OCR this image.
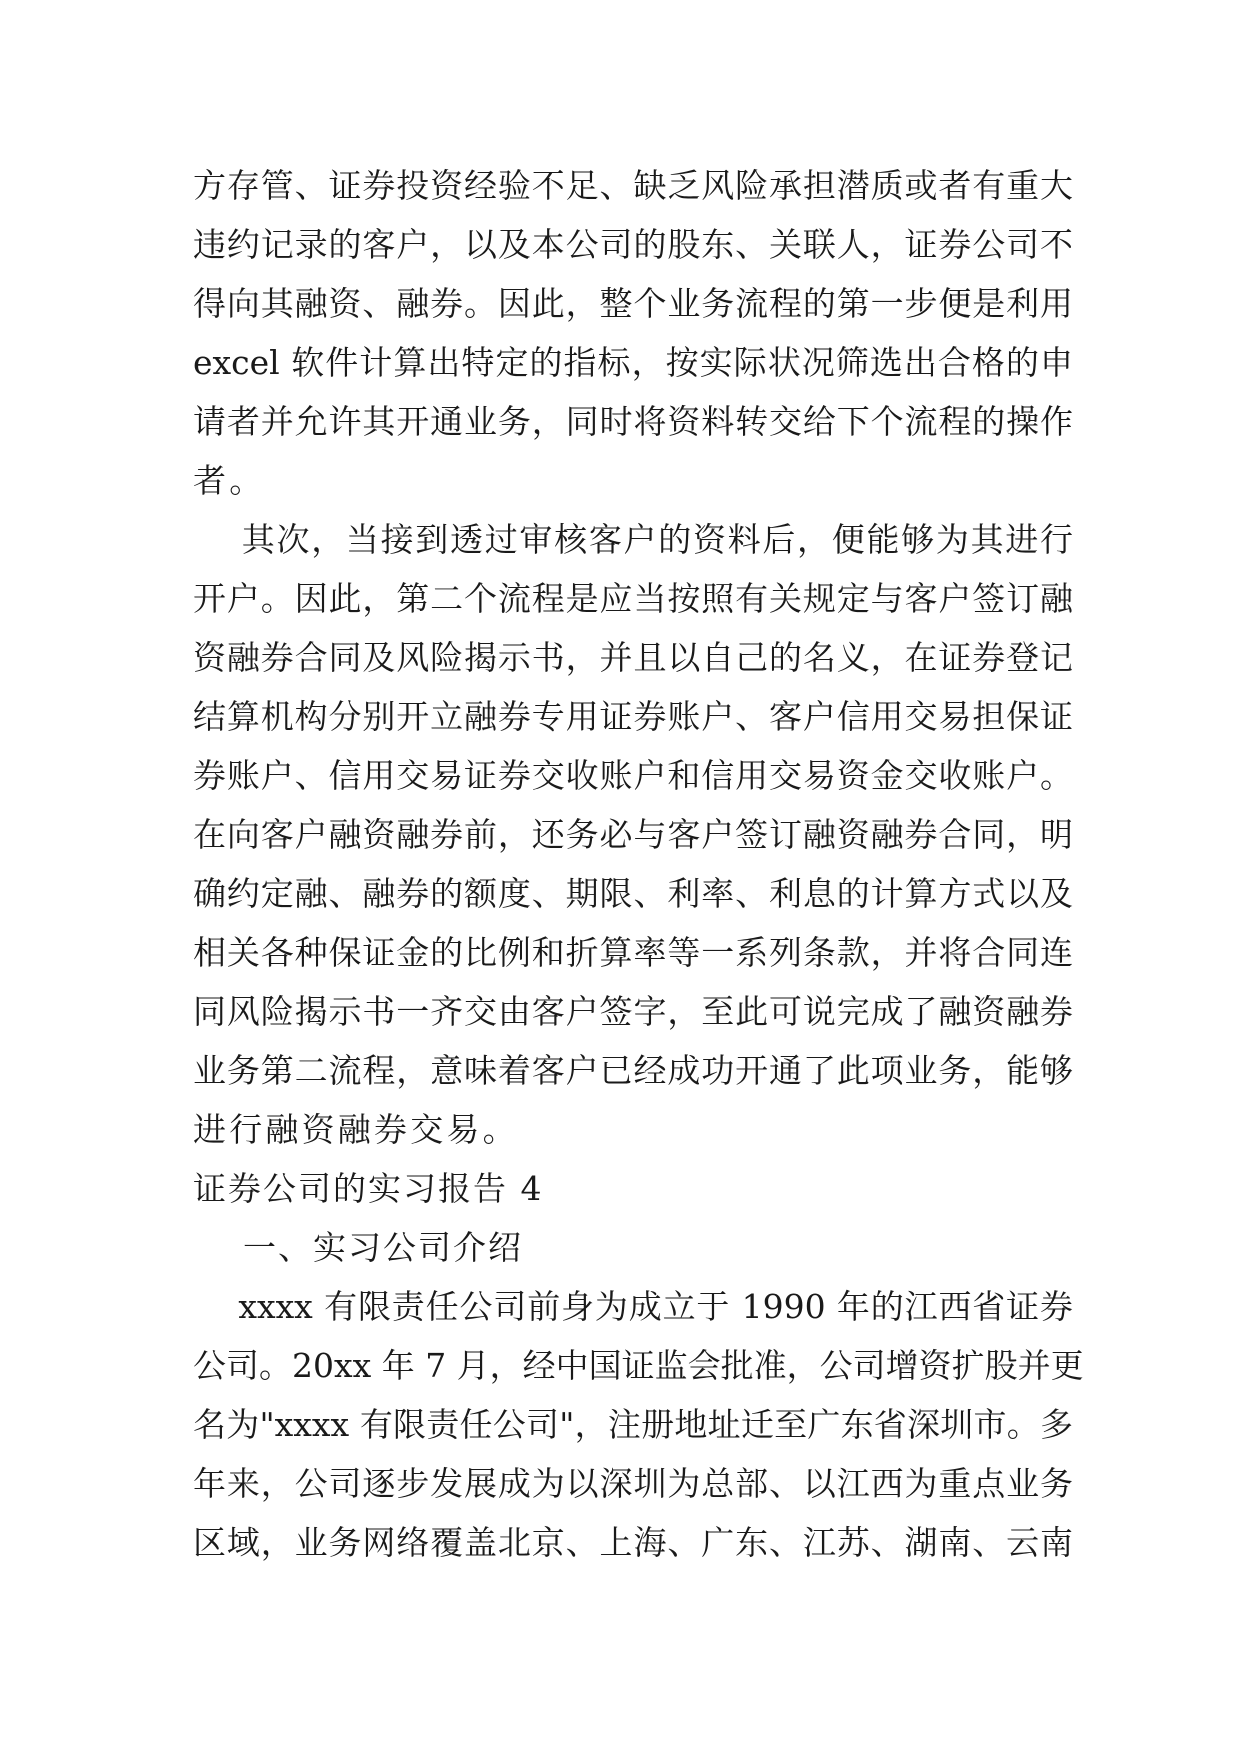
方存管、证券投资经验不足、缺乏风险承担潜质或者有重大
违约记录的客户，以及本公司的股东、关联人，证券公司不
得向其融资、融券。因此，整个业务流程的第一步便是利用
excel 软件计算出特定的指标，按实际状况筛选出合格的申
请者并允许其开通业务，同时将资料转交给下个流程的操作
者。
其次，当接到透过审核客户的资料后，便能够为其进行
开户。因此，第二个流程是应当按照有关规定与客户签订融
资融券合同及风险揭示书，并且以自己的名义，在证券登记
结算机构分别开立融券专用证券账户、客户信用交易担保证
券账户、信用交易证券交收账户和信用交易资金交收账户。
在向客户融资融券前，还务必与客户签订融资融券合同，明
确约定融、融券的额度、期限、利率、利息的计算方式以及
相关各种保证金的比例和折算率等一系列条款，并将合同连
同风险揭示书一齐交由客户签字，至此可说完成了融资融券
业务第二流程，意味着客户已经成功开通了此项业务，能够
进行融资融券交易。
证券公司的实习报告 4
一、实习公司介绍
xxxx 有限责任公司前身为成立于 1990 年的江西省证券
公司。20xx 年 7 月，经中国证监会批准，公司增资扩股并更
名为"xxxx 有限责任公司"，注册地址迁至广东省深圳市。多
年来，公司逐步发展成为以深圳为总部、以江西为重点业务
区域，业务网络覆盖北京、上海、广东、江苏、湖南、云南
